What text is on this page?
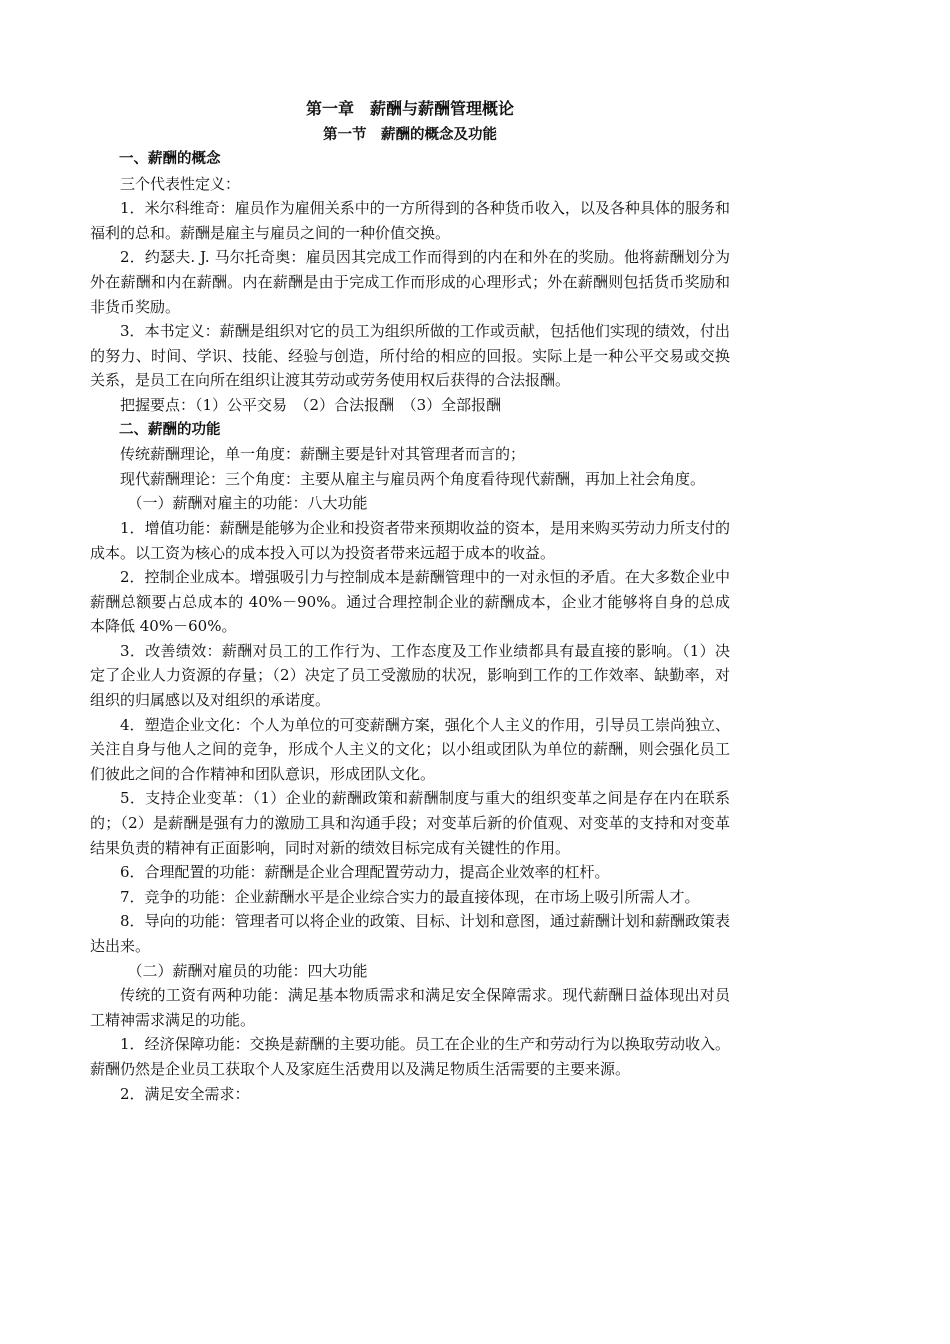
第一章　薪酬与薪酬管理概论
第一节　薪酬的概念及功能
一、薪酬的概念

三个代表性定义：

1．米尔科维奇：雇员作为雇佣关系中的一方所得到的各种货币收入，以及各种具体的服务和福利的总和。薪酬是雇主与雇员之间的一种价值交换。

2．约瑟夫. J. 马尔托奇奥：雇员因其完成工作而得到的内在和外在的奖励。他将薪酬划分为外在薪酬和内在薪酬。内在薪酬是由于完成工作而形成的心理形式；外在薪酬则包括货币奖励和非货币奖励。

3．本书定义：薪酬是组织对它的员工为组织所做的工作或贡献，包括他们实现的绩效，付出的努力、时间、学识、技能、经验与创造，所付给的相应的回报。实际上是一种公平交易或交换关系，是员工在向所在组织让渡其劳动或劳务使用权后获得的合法报酬。

把握要点：（1）公平交易　（2）合法报酬　（3）全部报酬

二、薪酬的功能

传统薪酬理论，单一角度：薪酬主要是针对其管理者而言的；

现代薪酬理论：三个角度：主要从雇主与雇员两个角度看待现代薪酬，再加上社会角度。

（一）薪酬对雇主的功能：八大功能

1．增值功能：薪酬是能够为企业和投资者带来预期收益的资本，是用来购买劳动力所支付的成本。以工资为核心的成本投入可以为投资者带来远超于成本的收益。

2．控制企业成本。增强吸引力与控制成本是薪酬管理中的一对永恒的矛盾。在大多数企业中薪酬总额要占总成本的 40%－90%。通过合理控制企业的薪酬成本，企业才能够将自身的总成本降低 40%－60%。

3．改善绩效：薪酬对员工的工作行为、工作态度及工作业绩都具有最直接的影响。（1）决定了企业人力资源的存量；（2）决定了员工受激励的状况，影响到工作的工作效率、缺勤率，对组织的归属感以及对组织的承诺度。

4．塑造企业文化：个人为单位的可变薪酬方案，强化个人主义的作用，引导员工崇尚独立、关注自身与他人之间的竞争，形成个人主义的文化；以小组或团队为单位的薪酬，则会强化员工们彼此之间的合作精神和团队意识，形成团队文化。

5．支持企业变革：（1）企业的薪酬政策和薪酬制度与重大的组织变革之间是存在内在联系的；（2）是薪酬是强有力的激励工具和沟通手段；对变革后新的价值观、对变革的支持和对变革结果负责的精神有正面影响，同时对新的绩效目标完成有关键性的作用。

6．合理配置的功能：薪酬是企业合理配置劳动力，提高企业效率的杠杆。

7．竞争的功能：企业薪酬水平是企业综合实力的最直接体现，在市场上吸引所需人才。

8．导向的功能：管理者可以将企业的政策、目标、计划和意图，通过薪酬计划和薪酬政策表达出来。

（二）薪酬对雇员的功能：四大功能

传统的工资有两种功能：满足基本物质需求和满足安全保障需求。现代薪酬日益体现出对员工精神需求满足的功能。

1．经济保障功能：交换是薪酬的主要功能。员工在企业的生产和劳动行为以换取劳动收入。薪酬仍然是企业员工获取个人及家庭生活费用以及满足物质生活需要的主要来源。

2．满足安全需求：
